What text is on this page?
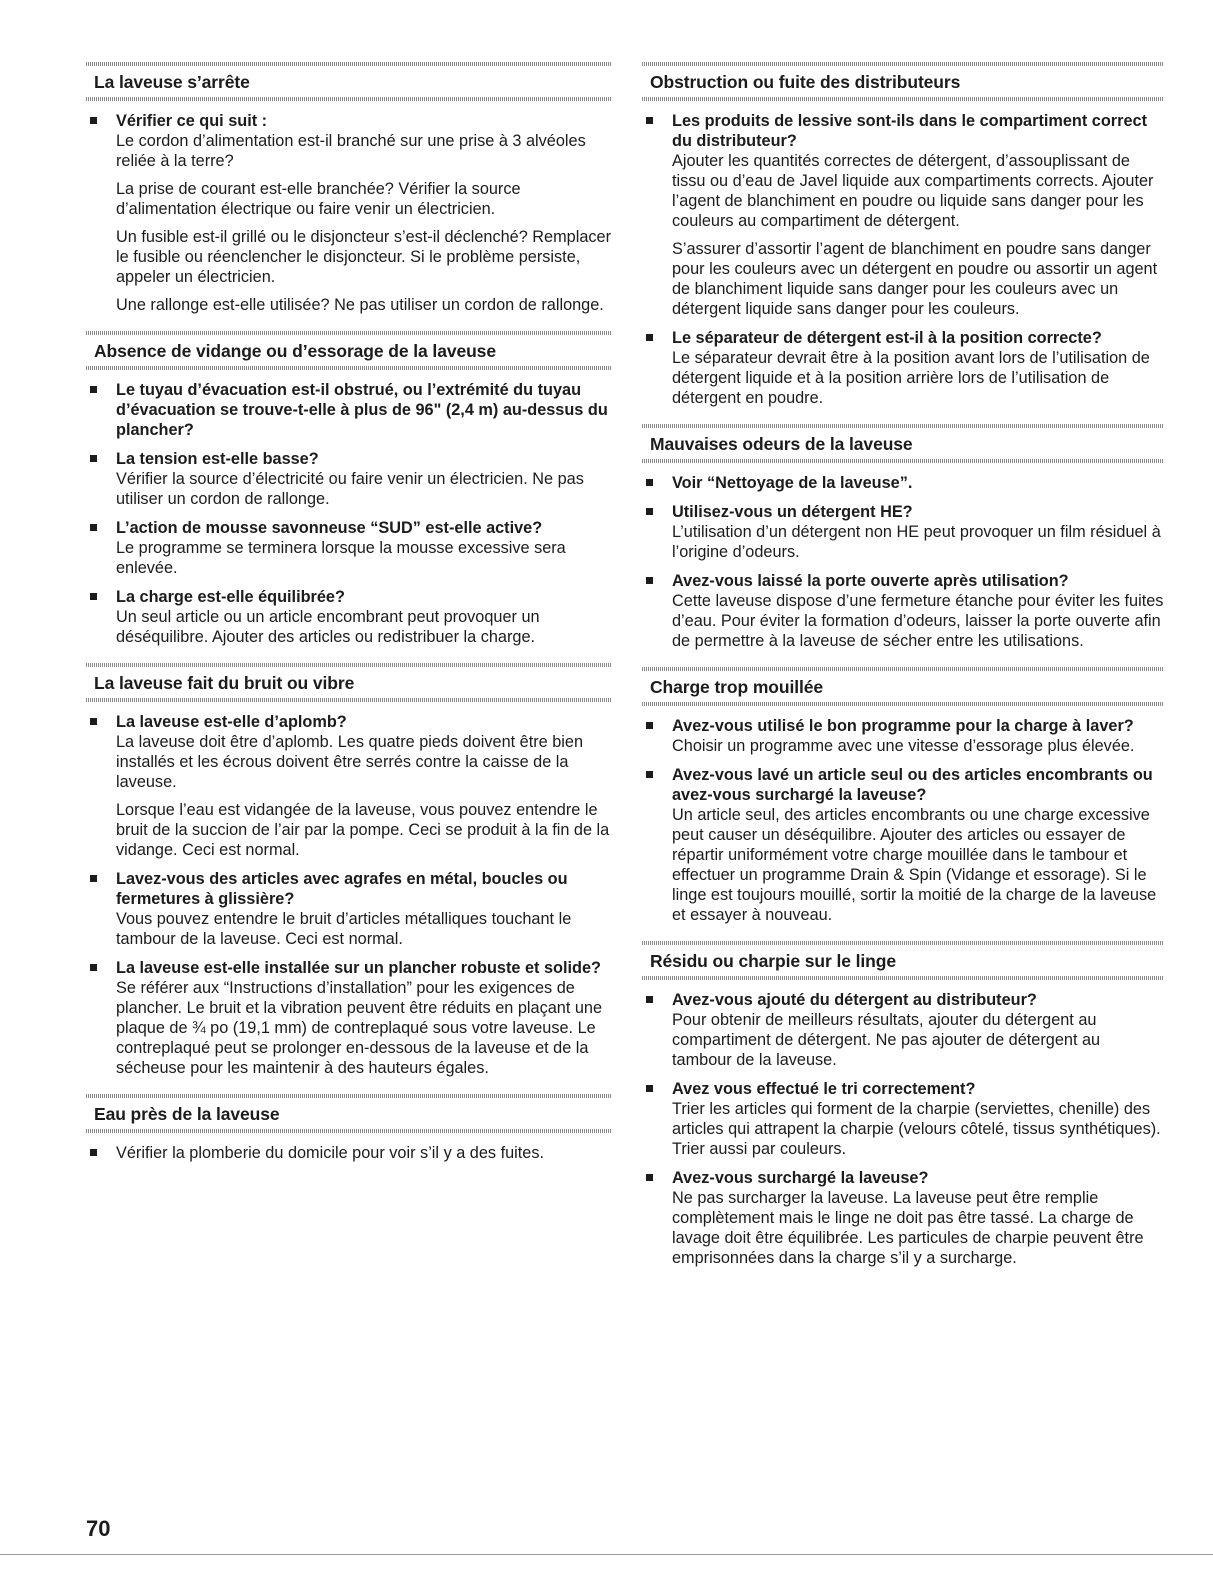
La laveuse s’arrête
Vérifier ce qui suit :
Le cordon d’alimentation est-il branché sur une prise à 3 alvéoles reliée à la terre?
La prise de courant est-elle branchée? Vérifier la source d’alimentation électrique ou faire venir un électricien.
Un fusible est-il grillé ou le disjoncteur s’est-il déclenché? Remplacer le fusible ou réenclencher le disjoncteur. Si le problème persiste, appeler un électricien.
Une rallonge est-elle utilisée? Ne pas utiliser un cordon de rallonge.
Absence de vidange ou d’essorage de la laveuse
Le tuyau d’évacuation est-il obstrué, ou l’extrémité du tuyau d’évacuation se trouve-t-elle à plus de 96" (2,4 m) au-dessus du plancher?
La tension est-elle basse?
Vérifier la source d’électricité ou faire venir un électricien. Ne pas utiliser un cordon de rallonge.
L’action de mousse savonneuse “SUD” est-elle active?
Le programme se terminera lorsque la mousse excessive sera enlevée.
La charge est-elle équilibrée?
Un seul article ou un article encombrant peut provoquer un déséquilibre. Ajouter des articles ou redistribuer la charge.
La laveuse fait du bruit ou vibre
La laveuse est-elle d’aplomb?
La laveuse doit être d’aplomb. Les quatre pieds doivent être bien installés et les écrous doivent être serrés contre la caisse de la laveuse.
Lorsque l’eau est vidangée de la laveuse, vous pouvez entendre le bruit de la succion de l’air par la pompe. Ceci se produit à la fin de la vidange. Ceci est normal.
Lavez-vous des articles avec agrafes en métal, boucles ou fermetures à glissière?
Vous pouvez entendre le bruit d’articles métalliques touchant le tambour de la laveuse. Ceci est normal.
La laveuse est-elle installée sur un plancher robuste et solide?
Se référer aux “Instructions d’installation” pour les exigences de plancher. Le bruit et la vibration peuvent être réduits en plaçant une plaque de ¾ po (19,1 mm) de contreplaqué sous votre laveuse. Le contreplaqué peut se prolonger en-dessous de la laveuse et de la sécheuse pour les maintenir à des hauteurs égales.
Eau près de la laveuse
Vérifier la plomberie du domicile pour voir s’il y a des fuites.
Obstruction ou fuite des distributeurs
Les produits de lessive sont-ils dans le compartiment correct du distributeur?
Ajouter les quantités correctes de détergent, d’assouplissant de tissu ou d’eau de Javel liquide aux compartiments corrects. Ajouter l’agent de blanchiment en poudre ou liquide sans danger pour les couleurs au compartiment de détergent.
S’assurer d’assortir l’agent de blanchiment en poudre sans danger pour les couleurs avec un détergent en poudre ou assortir un agent de blanchiment liquide sans danger pour les couleurs avec un détergent liquide sans danger pour les couleurs.
Le séparateur de détergent est-il à la position correcte?
Le séparateur devrait être à la position avant lors de l’utilisation de détergent liquide et à la position arrière lors de l’utilisation de détergent en poudre.
Mauvaises odeurs de la laveuse
Voir “Nettoyage de la laveuse”.
Utilisez-vous un détergent HE?
L’utilisation d’un détergent non HE peut provoquer un film résiduel à l’origine d’odeurs.
Avez-vous laissé la porte ouverte après utilisation?
Cette laveuse dispose d’une fermeture étanche pour éviter les fuites d’eau. Pour éviter la formation d’odeurs, laisser la porte ouverte afin de permettre à la laveuse de sécher entre les utilisations.
Charge trop mouillée
Avez-vous utilisé le bon programme pour la charge à laver?
Choisir un programme avec une vitesse d’essorage plus élevée.
Avez-vous lavé un article seul ou des articles encombrants ou avez-vous surchargé la laveuse?
Un article seul, des articles encombrants ou une charge excessive peut causer un déséquilibre. Ajouter des articles ou essayer de répartir uniformément votre charge mouillée dans le tambour et effectuer un programme Drain & Spin (Vidange et essorage). Si le linge est toujours mouillé, sortir la moitié de la charge de la laveuse et essayer à nouveau.
Résidu ou charpie sur le linge
Avez-vous ajouté du détergent au distributeur?
Pour obtenir de meilleurs résultats, ajouter du détergent au compartiment de détergent. Ne pas ajouter de détergent au tambour de la laveuse.
Avez vous effectué le tri correctement?
Trier les articles qui forment de la charpie (serviettes, chenille) des articles qui attrapent la charpie (velours côtelé, tissus synthétiques). Trier aussi par couleurs.
Avez-vous surchargé la laveuse?
Ne pas surcharger la laveuse. La laveuse peut être remplie complètement mais le linge ne doit pas être tassé. La charge de lavage doit être équilibrée. Les particules de charpie peuvent être emprisonnées dans la charge s’il y a surcharge.
70
